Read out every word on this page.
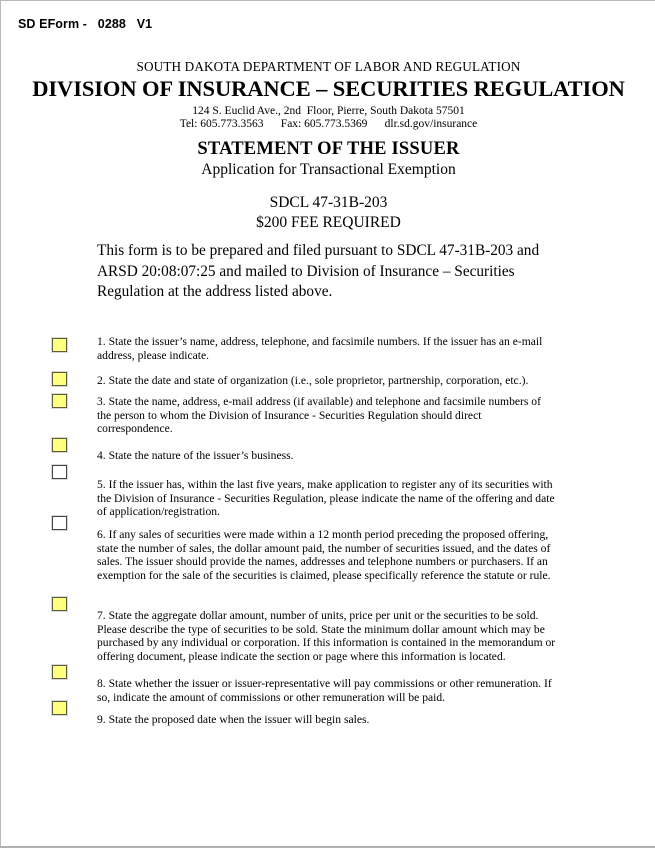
SD EForm -   0288   V1
SOUTH DAKOTA DEPARTMENT OF LABOR AND REGULATION
DIVISION OF INSURANCE – SECURITIES REGULATION
124 S. Euclid Ave., 2nd  Floor, Pierre, South Dakota 57501
Tel: 605.773.3563      Fax: 605.773.5369      dlr.sd.gov/insurance
STATEMENT OF THE ISSUER
Application for Transactional Exemption
SDCL 47-31B-203
$200 FEE REQUIRED
This form is to be prepared and filed pursuant to SDCL 47-31B-203 and ARSD 20:08:07:25 and mailed to Division of Insurance – Securities Regulation at the address listed above.
1. State the issuer’s name, address, telephone, and facsimile numbers. If the issuer has an e-mail address, please indicate.
2. State the date and state of organization (i.e., sole proprietor, partnership, corporation, etc.).
3. State the name, address, e-mail address (if available) and telephone and facsimile numbers of the person to whom the Division of Insurance - Securities Regulation should direct correspondence.
4. State the nature of the issuer’s business.
5. If the issuer has, within the last five years, make application to register any of its securities with the Division of Insurance - Securities Regulation, please indicate the name of the offering and date of application/registration.
6. If any sales of securities were made within a 12 month period preceding the proposed offering, state the number of sales, the dollar amount paid, the number of securities issued, and the dates of sales. The issuer should provide the names, addresses and telephone numbers or purchasers. If an exemption for the sale of the securities is claimed, please specifically reference the statute or rule.
7. State the aggregate dollar amount, number of units, price per unit or the securities to be sold. Please describe the type of securities to be sold. State the minimum dollar amount which may be purchased by any individual or corporation. If this information is contained in the memorandum or offering document, please indicate the section or page where this information is located.
8. State whether the issuer or issuer-representative will pay commissions or other remuneration. If so, indicate the amount of commissions or other remuneration will be paid.
9. State the proposed date when the issuer will begin sales.
